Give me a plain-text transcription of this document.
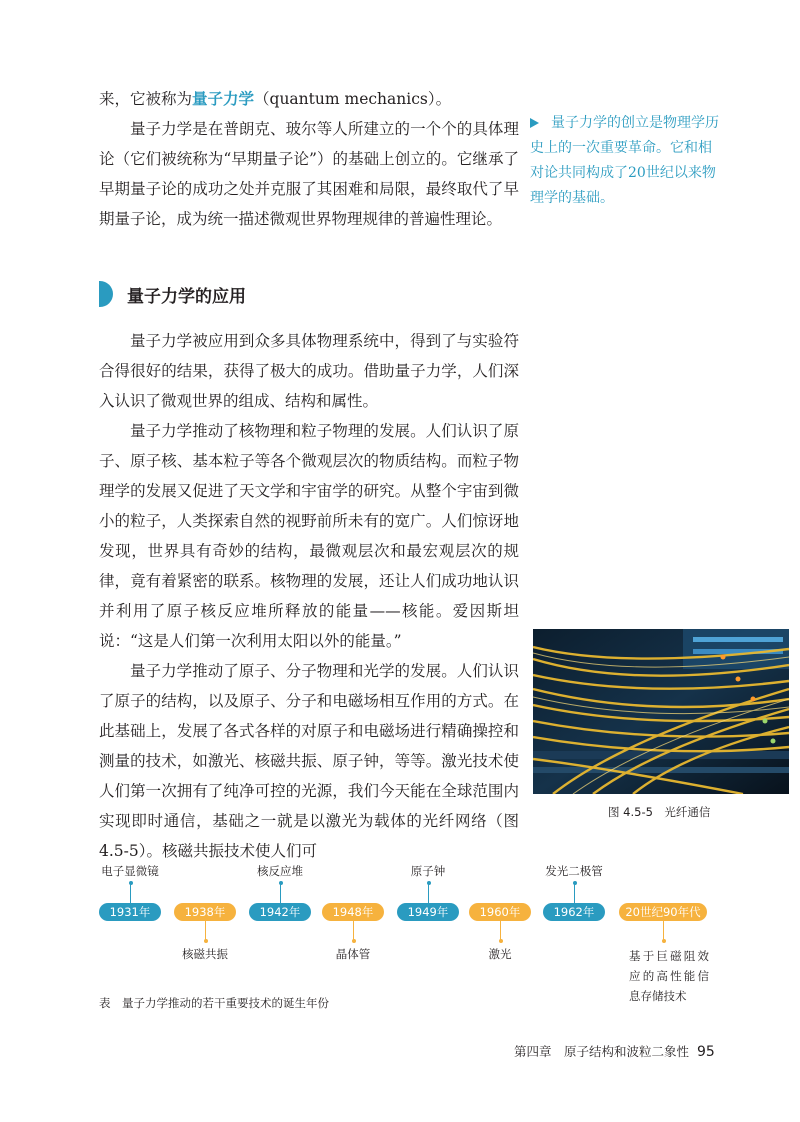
来，它被称为量子力学（quantum mechanics）。

量子力学是在普朗克、玻尔等人所建立的一个个的具体理论（它们被统称为“早期量子论”）的基础上创立的。它继承了早期量子论的成功之处并克服了其困难和局限，最终取代了早期量子论，成为统一描述微观世界物理规律的普遍性理论。

量子力学的创立是物理学历史上的一次重要革命。它和相对论共同构成了20世纪以来物理学的基础。
量子力学的应用

量子力学被应用到众多具体物理系统中，得到了与实验符合得很好的结果，获得了极大的成功。借助量子力学，人们深入认识了微观世界的组成、结构和属性。

量子力学推动了核物理和粒子物理的发展。人们认识了原子、原子核、基本粒子等各个微观层次的物质结构。而粒子物理学的发展又促进了天文学和宇宙学的研究。从整个宇宙到微小的粒子，人类探索自然的视野前所未有的宽广。人们惊讶地发现，世界具有奇妙的结构，最微观层次和最宏观层次的规律，竟有着紧密的联系。核物理的发展，还让人们成功地认识并利用了原子核反应堆所释放的能量——核能。爱因斯坦说：“这是人们第一次利用太阳以外的能量。”

量子力学推动了原子、分子物理和光学的发展。人们认识了原子的结构，以及原子、分子和电磁场相互作用的方式。在此基础上，发展了各式各样的对原子和电磁场进行精确操控和测量的技术，如激光、核磁共振、原子钟，等等。激光技术使人们第一次拥有了纯净可控的光源，我们今天能在全球范围内实现即时通信，基础之一就是以激光为载体的光纤网络（图 4.5-5）。核磁共振技术使人们可

图 4.5-5　光纤通信
1931年
电子显微镜
1938年
核磁共振
1942年
核反应堆
1948年
晶体管
1949年
原子钟
1960年
激光
1962年
发光二极管
20世纪90年代
基于巨磁阻效应的高性能信息存储技术
表　量子力学推动的若干重要技术的诞生年份
第四章　原子结构和波粒二象性 95
